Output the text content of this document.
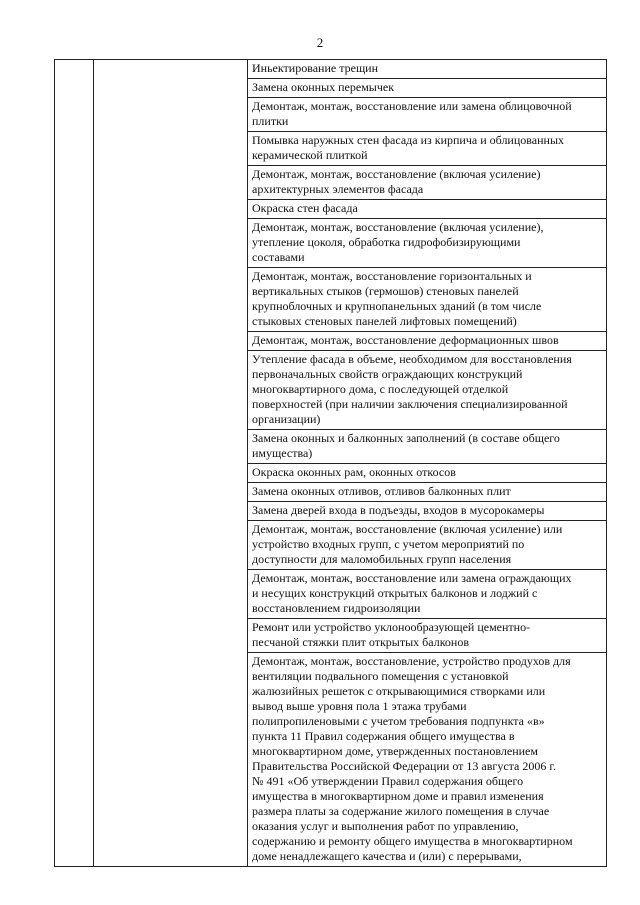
2

Иньектирование трещин

Замена оконных перемычек

Демонтаж, монтаж, восстановление или замена облицовочной
плитки

Помывка наружных стен фасада из кирпича и облицованных
керамической плиткой

Демонтаж, монтаж, восстановление (включая усиление)
архитектурных элементов фасада

Окраска стен фасада

Демонтаж, монтаж, восстановление (включая усиление),
утепление цоколя, обработка гидрофобизирующими
составами

Демонтаж, монтаж, восстановление горизонтальных и
вертикальных стыков (гермошов) стеновых панелей
крупноблочных и крупнопанельных зданий (в том числе
стыковых стеновых панелей лифтовых помещений)

Демонтаж, монтаж, восстановление деформационных швов

Утепление фасада в объеме, необходимом для восстановления
первоначальных свойств ограждающих конструкций
многоквартирного дома, с последующей отделкой
поверхностей (при наличии заключения специализированной
организации)

Замена оконных и балконных заполнений (в составе общего
имущества)

Окраска оконных рам, оконных откосов

Замена оконных отливов, отливов балконных плит

Замена дверей входа в подъезды, входов в мусорокамеры

Демонтаж, монтаж, восстановление (включая усиление) или
устройство входных групп, с учетом мероприятий по
доступности для маломобильных групп населения

Демонтаж, монтаж, восстановление или замена ограждающих
и несущих конструкций открытых балконов и лоджий с
восстановлением гидроизоляции

Ремонт или устройство уклонообразующей цементно-
песчаной стяжки плит открытых балконов

Демонтаж, монтаж, восстановление, устройство продухов для
вентиляции подвального помещения с установкой
жалюзийных решеток с открывающимися створками или
вывод выше уровня пола 1 этажа трубами
полипропиленовыми с учетом требования подпункта «в»
пункта 11 Правил содержания общего имущества в
многоквартирном доме, утвержденных постановлением
Правительства Российской Федерации от 13 августа 2006 г.
№ 491 «Об утверждении Правил содержания общего
имущества в многоквартирном доме и правил изменения
размера платы за содержание жилого помещения в случае
оказания услуг и выполнения работ по управлению,
содержанию и ремонту общего имущества в многоквартирном
доме ненадлежащего качества и (или) с перерывами,
